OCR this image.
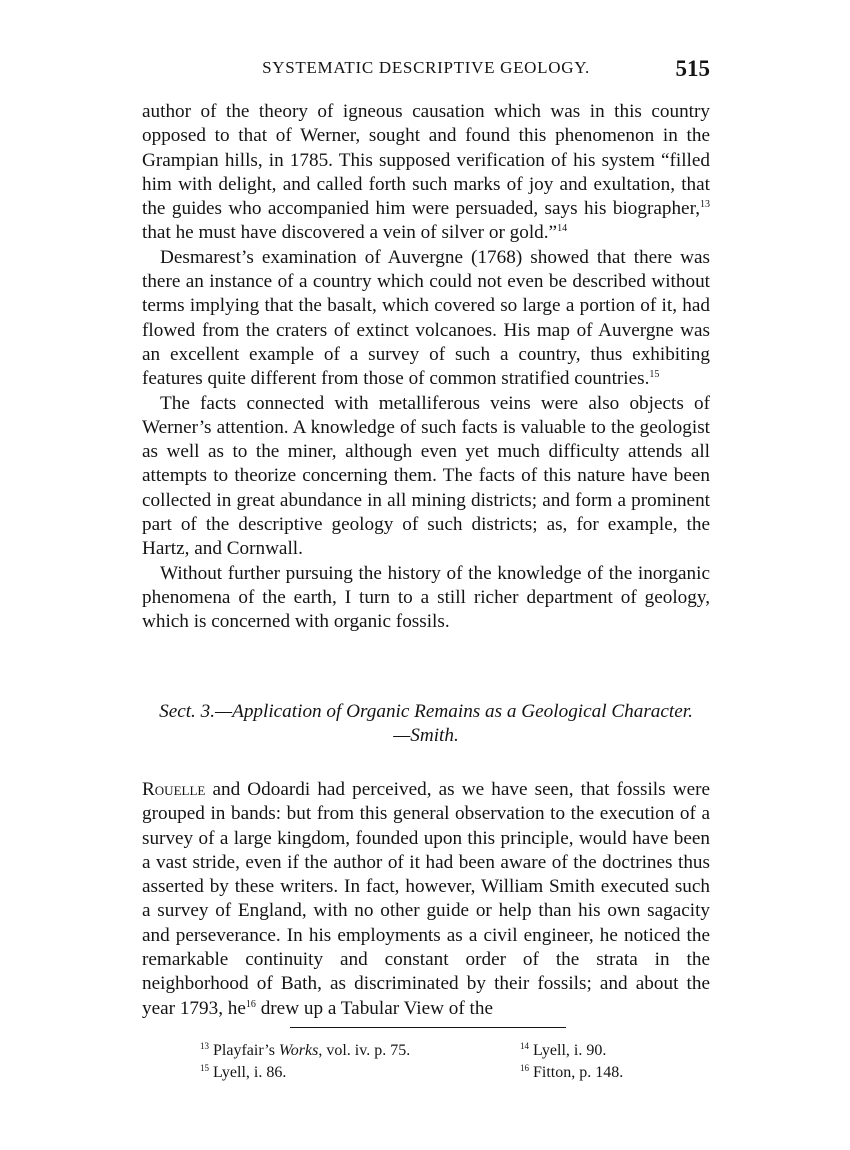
SYSTEMATIC DESCRIPTIVE GEOLOGY.	515

author of the theory of igneous causation which was in this country opposed to that of Werner, sought and found this phenomenon in the Grampian hills, in 1785. This supposed verification of his system “filled him with delight, and called forth such marks of joy and exultation, that the guides who accompanied him were persuaded, says his biographer,$^{13}$ that he must have discovered a vein of silver or gold.”$^{14}$

Desmarest’s examination of Auvergne (1768) showed that there was there an instance of a country which could not even be described without terms implying that the basalt, which covered so large a portion of it, had flowed from the craters of extinct volcanoes. His map of Auvergne was an excellent example of a survey of such a country, thus exhibiting features quite different from those of common stratified countries.$^{15}$

The facts connected with metalliferous veins were also objects of Werner’s attention. A knowledge of such facts is valuable to the geologist as well as to the miner, although even yet much difficulty attends all attempts to theorize concerning them. The facts of this nature have been collected in great abundance in all mining districts; and form a prominent part of the descriptive geology of such districts; as, for example, the Hartz, and Cornwall.

Without further pursuing the history of the knowledge of the inorganic phenomena of the earth, I turn to a still richer department of geology, which is concerned with organic fossils.

Sect. 3.—Application of Organic Remains as a Geological Character.
—Smith.

Rouelle and Odoardi had perceived, as we have seen, that fossils were grouped in bands: but from this general observation to the execution of a survey of a large kingdom, founded upon this principle, would have been a vast stride, even if the author of it had been aware of the doctrines thus asserted by these writers. In fact, however, William Smith executed such a survey of England, with no other guide or help than his own sagacity and perseverance. In his employments as a civil engineer, he noticed the remarkable continuity and constant order of the strata in the neighborhood of Bath, as discriminated by their fossils; and about the year 1793, $he^{16}$ drew up a Tabular View of the

$^{13}$ Playfair’s Works, vol. iv. p. 75.	$^{14}$ Lyell, i. 90.
$^{15}$ Lyell, i. 86.	$^{16}$ Fitton, p. 148.
